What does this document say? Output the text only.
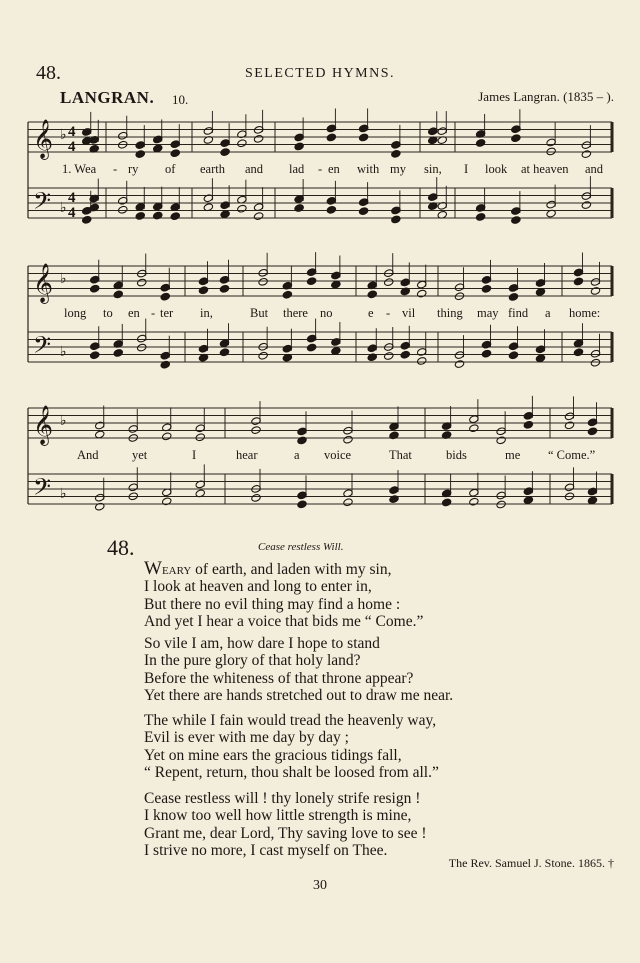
48.	SELECTED HYMNS.
LANGRAN. 10.	James Langran. (1835 – ).
𝄞
𝄢
♭
♭
4
4
4
4
1. Wea - ry of earth and lad - en with my sin, I look at heaven and
𝄞
𝄢
♭
♭
long to en - ter in,	But there no	e - vil thing may find a home:
𝄞
𝄢
♭
♭
And	yet	I	hear	a voice	That	bids	me “ Come.”
48.	Cease restless Will.
Weary of earth, and laden with my sin,
I look at heaven and long to enter in,
But there no evil thing may find a home :
And yet I hear a voice that bids me “ Come.”
So vile I am, how dare I hope to stand
In the pure glory of that holy land?
Before the whiteness of that throne appear?
Yet there are hands stretched out to draw me near.
The while I fain would tread the heavenly way,
Evil is ever with me day by day ;
Yet on mine ears the gracious tidings fall,
“ Repent, return, thou shalt be loosed from all.”
Cease restless will ! thy lonely strife resign !
I know too well how little strength is mine,
Grant me, dear Lord, Thy saving love to see !
I strive no more, I cast myself on Thee.
The Rev. Samuel J. Stone. 1865. †
30
